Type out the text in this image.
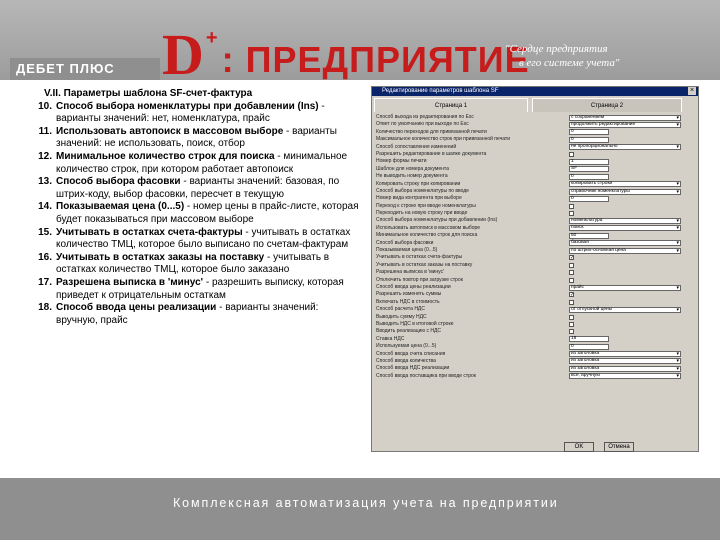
ДЕБЕТ ПЛЮС ЦЕНТР
D +
: ПРЕДПРИЯТИЕ
"Сердце предприятия
в его системе учета"
V.II. Параметры шаблона SF-счет-фактура
10. Способ выбора номенклатуры при добавлении (Ins) - варианты значений: нет, номенклатура, прайс
11. Использовать автопоиск в массовом выборе - варианты значений: не использовать, поиск, отбор
12. Минимальное количество строк для поиска - минимальное количество строк, при котором работает автопоиск
13. Способ выбора фасовки - варианты значений: базовая, по штрих-коду, выбор фасовки, пересчет в текущую
14. Показываемая цена (0...5) - номер цены в прайс-листе, которая будет показываться при массовом выборе
15. Учитывать в остатках счета-фактуры - учитывать в остатках количество ТМЦ, которое было выписано по счетам-фактурам
16. Учитывать в остатках заказы на поставку - учитывать в остатках количество ТМЦ, которое было заказано
17. Разрешена выписка в 'минус' - разрешить выписку, которая приведет к отрицательным остаткам
18. Способ ввода цены реализации - варианты значений: вручную, прайс
Редактирование параметров шаблона SF	×
Страница 1	Страница 2
Способ выхода из редактирования по Esc	с сохранением ▾
Ответ по умолчанию при выходе по Esc	продолжить редактирование ▾
Количество переходов для привязанной печати	0
Максимальное количество строк при привязанной печати	0
Способ сопоставления изменений	не пропорционально ▾
Разрешить редактирование в шапке документа
Номер формы печати	1
Шаблон для номера документа	SF
Не выводить номер документа	0
Копировать строку при копировании	копировать строки ▾
Способ выбора номенклатуры по вводе	справочник номенклатуры ▾
Номер вида контрагента при выборе	0
Переход к строке при вводе номенклатуры
Переходить на новую строку при вводе
Способ выбора номенклатуры при добавлении (Ins)	номенклатура ▾
Использовать автопоиск в массовом выборе	поиск ▾
Минимальное количество строк для поиска	50
Способ выбора фасовки	базовая ▾
Показываемая цена (0...5)	по штрих-основная цена ▾
Учитывать в остатках счета-фактуры	✓
Учитывать в остатках заказы на поставку
Разрешена выписка в 'минус'
Отключить повтор при загрузке строк
Способ ввода цены реализации	прайс ▾
Разрешить изменять суммы	✓
Включать НДС в стоимость
Способ расчета НДС	от отпускной цены ▾
Выводить сумму НДС
Выводить НДС в итоговой строке
Вводить реализацию с НДС
Ставка НДС	18
Используемая цена (0...5)	0
Способ ввода счета списания	из заголовка ▾
Способ ввода количества	из заголовка ▾
Способ ввода НДС реализации	из заголовка ▾
Способ ввода поставщика при вводе строк	все, вручную ▾
OK	Отмена
Комплексная автоматизация учета на предприятии
